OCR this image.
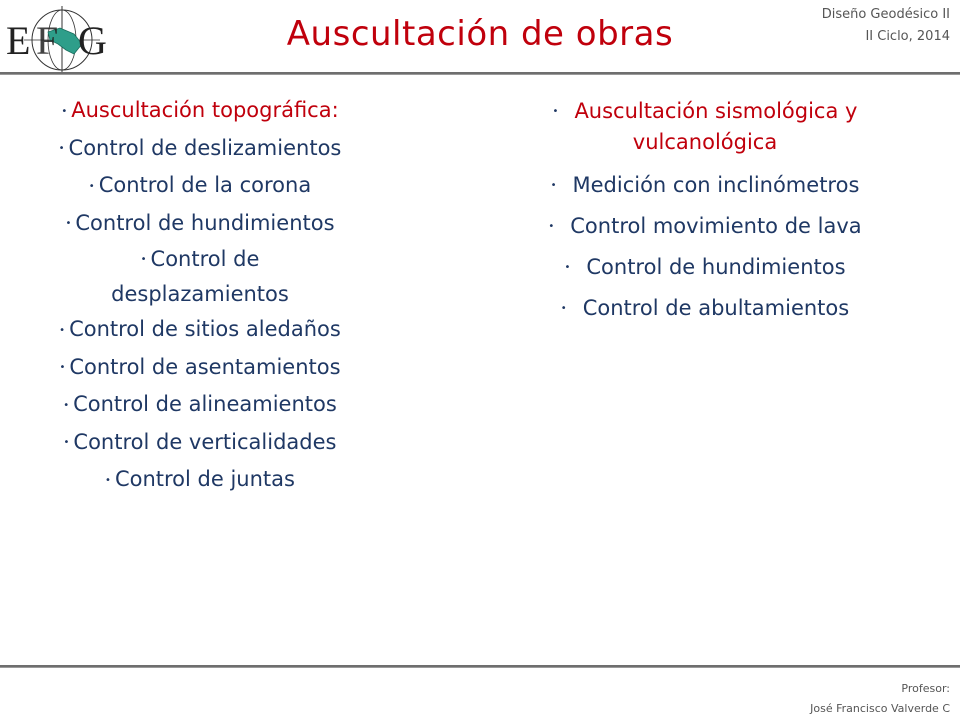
E F G	Auscultación de obras	Diseño Geodésico II
II Ciclo, 2014
• Auscultación topográfica:
• Control de deslizamientos
• Control de la corona
• Control de hundimientos
• Control de
desplazamientos
• Control de sitios aledaños
• Control de asentamientos
• Control de alineamientos
• Control de verticalidades
• Control de juntas
• Auscultación sismológica y
vulcanológica
• Medición con inclinómetros
• Control movimiento de lava
• Control de hundimientos
• Control de abultamientos
Profesor:
José Francisco Valverde C
